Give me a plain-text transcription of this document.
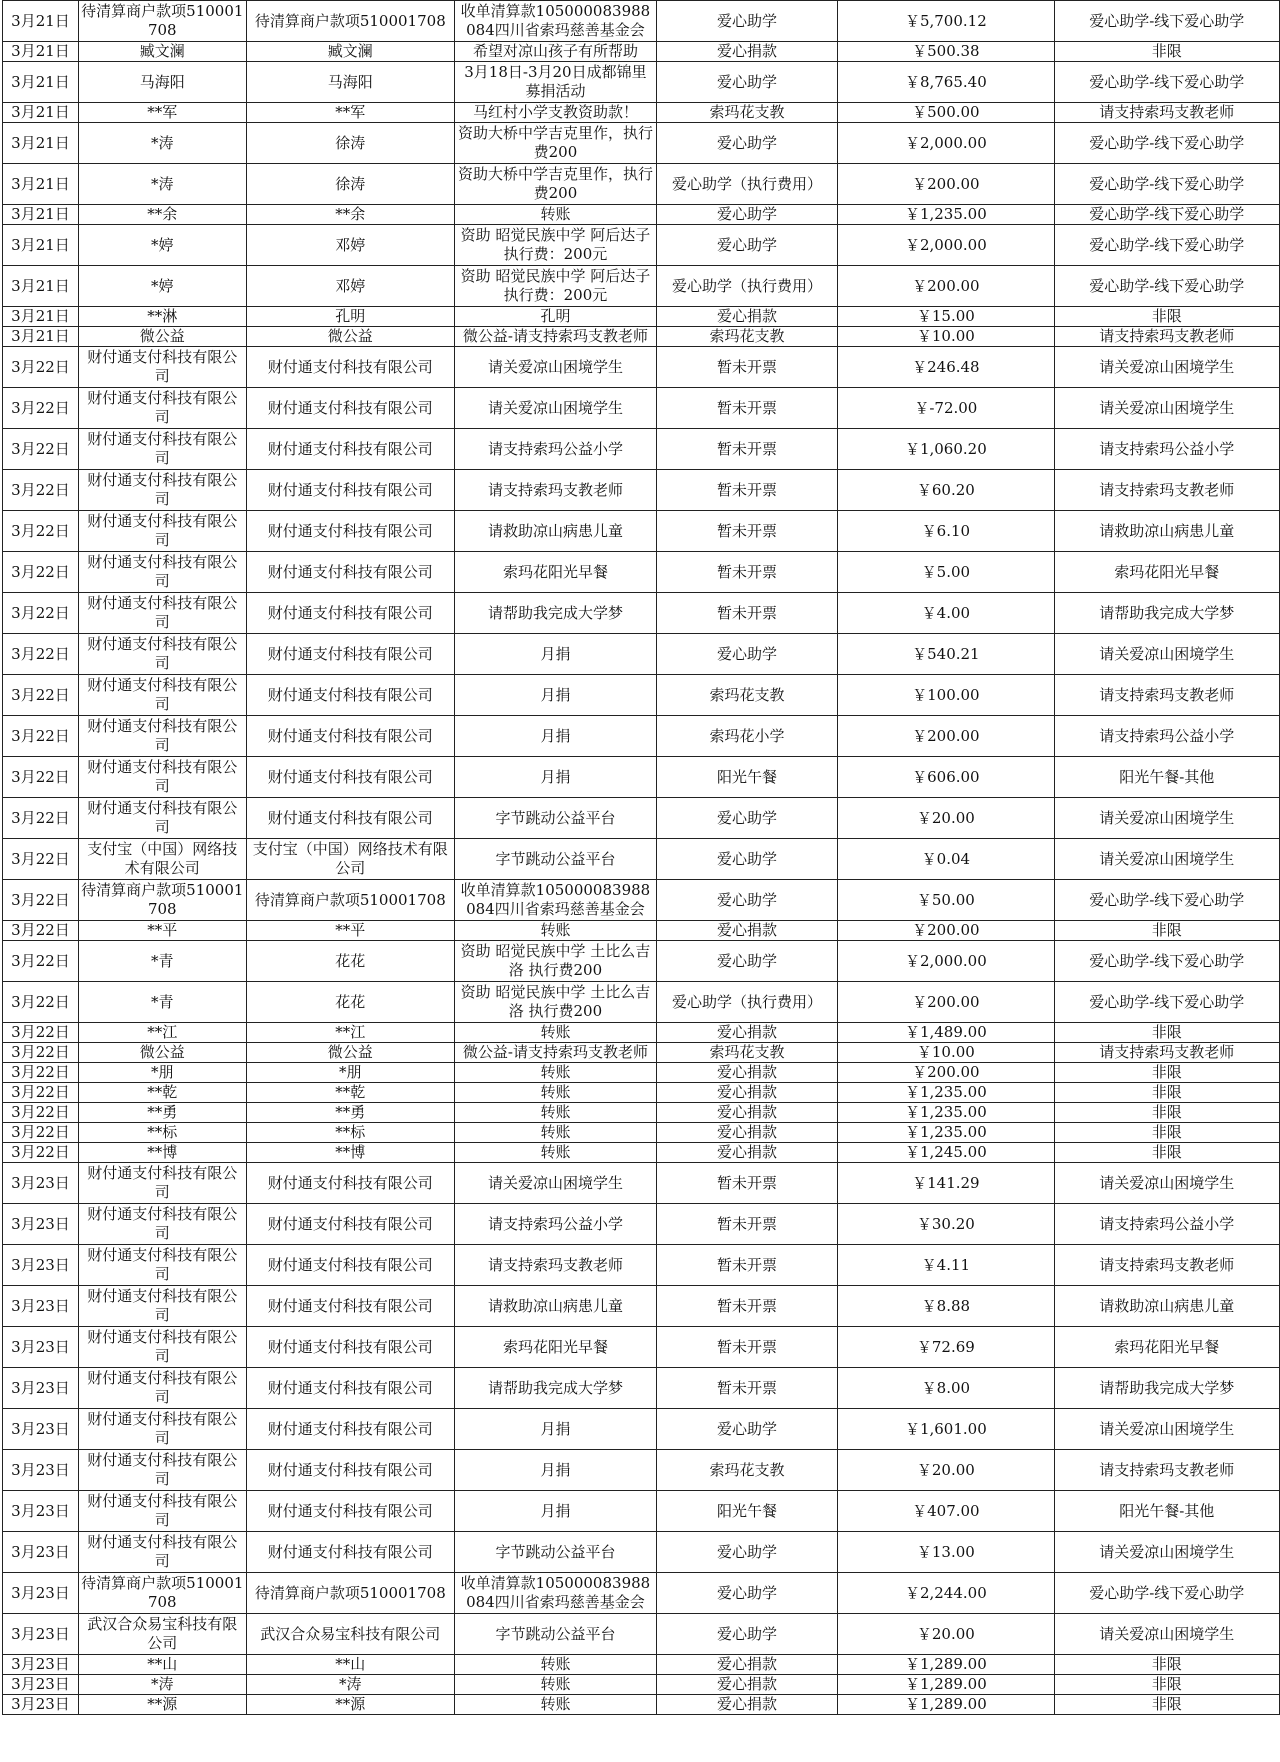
3月21日	待清算商户款项510001708	待清算商户款项510001708	收单清算款105000083988084四川省索玛慈善基金会	爱心助学	￥5,700.12	爱心助学-线下爱心助学
3月21日	臧文澜	臧文澜	希望对凉山孩子有所帮助	爱心捐款	￥500.38	非限
3月21日	马海阳	马海阳	3月18日-3月20日成都锦里募捐活动	爱心助学	￥8,765.40	爱心助学-线下爱心助学
3月21日	**军	**军	马红村小学支教资助款！	索玛花支教	￥500.00	请支持索玛支教老师
3月21日	*涛	徐涛	资助大桥中学吉克里作，执行费200	爱心助学	￥2,000.00	爱心助学-线下爱心助学
3月21日	*涛	徐涛	资助大桥中学吉克里作，执行费200	爱心助学（执行费用）	￥200.00	爱心助学-线下爱心助学
3月21日	**余	**余	转账	爱心助学	￥1,235.00	爱心助学-线下爱心助学
3月21日	*婷	邓婷	资助 昭觉民族中学 阿后达子 执行费：200元	爱心助学	￥2,000.00	爱心助学-线下爱心助学
3月21日	*婷	邓婷	资助 昭觉民族中学 阿后达子 执行费：200元	爱心助学（执行费用）	￥200.00	爱心助学-线下爱心助学
3月21日	**淋	孔明	孔明	爱心捐款	￥15.00	非限
3月21日	微公益	微公益	微公益-请支持索玛支教老师	索玛花支教	￥10.00	请支持索玛支教老师
3月22日	财付通支付科技有限公司	财付通支付科技有限公司	请关爱凉山困境学生	暂未开票	￥246.48	请关爱凉山困境学生
3月22日	财付通支付科技有限公司	财付通支付科技有限公司	请关爱凉山困境学生	暂未开票	￥-72.00	请关爱凉山困境学生
3月22日	财付通支付科技有限公司	财付通支付科技有限公司	请支持索玛公益小学	暂未开票	￥1,060.20	请支持索玛公益小学
3月22日	财付通支付科技有限公司	财付通支付科技有限公司	请支持索玛支教老师	暂未开票	￥60.20	请支持索玛支教老师
3月22日	财付通支付科技有限公司	财付通支付科技有限公司	请救助凉山病患儿童	暂未开票	￥6.10	请救助凉山病患儿童
3月22日	财付通支付科技有限公司	财付通支付科技有限公司	索玛花阳光早餐	暂未开票	￥5.00	索玛花阳光早餐
3月22日	财付通支付科技有限公司	财付通支付科技有限公司	请帮助我完成大学梦	暂未开票	￥4.00	请帮助我完成大学梦
3月22日	财付通支付科技有限公司	财付通支付科技有限公司	月捐	爱心助学	￥540.21	请关爱凉山困境学生
3月22日	财付通支付科技有限公司	财付通支付科技有限公司	月捐	索玛花支教	￥100.00	请支持索玛支教老师
3月22日	财付通支付科技有限公司	财付通支付科技有限公司	月捐	索玛花小学	￥200.00	请支持索玛公益小学
3月22日	财付通支付科技有限公司	财付通支付科技有限公司	月捐	阳光午餐	￥606.00	阳光午餐-其他
3月22日	财付通支付科技有限公司	财付通支付科技有限公司	字节跳动公益平台	爱心助学	￥20.00	请关爱凉山困境学生
3月22日	支付宝（中国）网络技术有限公司	支付宝（中国）网络技术有限公司	字节跳动公益平台	爱心助学	￥0.04	请关爱凉山困境学生
3月22日	待清算商户款项510001708	待清算商户款项510001708	收单清算款105000083988084四川省索玛慈善基金会	爱心助学	￥50.00	爱心助学-线下爱心助学
3月22日	**平	**平	转账	爱心捐款	￥200.00	非限
3月22日	*青	花花	资助 昭觉民族中学 土比么吉洛 执行费200	爱心助学	￥2,000.00	爱心助学-线下爱心助学
3月22日	*青	花花	资助 昭觉民族中学 土比么吉洛 执行费200	爱心助学（执行费用）	￥200.00	爱心助学-线下爱心助学
3月22日	**江	**江	转账	爱心捐款	￥1,489.00	非限
3月22日	微公益	微公益	微公益-请支持索玛支教老师	索玛花支教	￥10.00	请支持索玛支教老师
3月22日	*朋	*朋	转账	爱心捐款	￥200.00	非限
3月22日	**乾	**乾	转账	爱心捐款	￥1,235.00	非限
3月22日	**勇	**勇	转账	爱心捐款	￥1,235.00	非限
3月22日	**标	**标	转账	爱心捐款	￥1,235.00	非限
3月22日	**博	**博	转账	爱心捐款	￥1,245.00	非限
3月23日	财付通支付科技有限公司	财付通支付科技有限公司	请关爱凉山困境学生	暂未开票	￥141.29	请关爱凉山困境学生
3月23日	财付通支付科技有限公司	财付通支付科技有限公司	请支持索玛公益小学	暂未开票	￥30.20	请支持索玛公益小学
3月23日	财付通支付科技有限公司	财付通支付科技有限公司	请支持索玛支教老师	暂未开票	￥4.11	请支持索玛支教老师
3月23日	财付通支付科技有限公司	财付通支付科技有限公司	请救助凉山病患儿童	暂未开票	￥8.88	请救助凉山病患儿童
3月23日	财付通支付科技有限公司	财付通支付科技有限公司	索玛花阳光早餐	暂未开票	￥72.69	索玛花阳光早餐
3月23日	财付通支付科技有限公司	财付通支付科技有限公司	请帮助我完成大学梦	暂未开票	￥8.00	请帮助我完成大学梦
3月23日	财付通支付科技有限公司	财付通支付科技有限公司	月捐	爱心助学	￥1,601.00	请关爱凉山困境学生
3月23日	财付通支付科技有限公司	财付通支付科技有限公司	月捐	索玛花支教	￥20.00	请支持索玛支教老师
3月23日	财付通支付科技有限公司	财付通支付科技有限公司	月捐	阳光午餐	￥407.00	阳光午餐-其他
3月23日	财付通支付科技有限公司	财付通支付科技有限公司	字节跳动公益平台	爱心助学	￥13.00	请关爱凉山困境学生
3月23日	待清算商户款项510001708	待清算商户款项510001708	收单清算款105000083988084四川省索玛慈善基金会	爱心助学	￥2,244.00	爱心助学-线下爱心助学
3月23日	武汉合众易宝科技有限公司	武汉合众易宝科技有限公司	字节跳动公益平台	爱心助学	￥20.00	请关爱凉山困境学生
3月23日	**山	**山	转账	爱心捐款	￥1,289.00	非限
3月23日	*涛	*涛	转账	爱心捐款	￥1,289.00	非限
3月23日	**源	**源	转账	爱心捐款	￥1,289.00	非限
